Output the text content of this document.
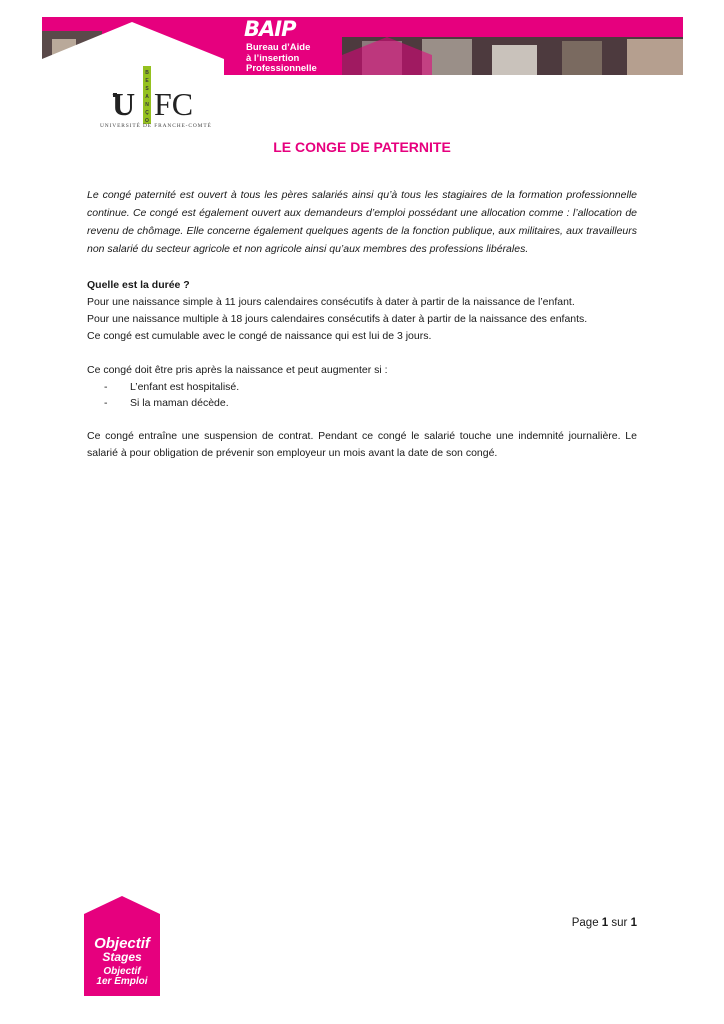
BAIP
Bureau d’Aide
à l’insertion
Professionnelle
U
B
E
S
A
N
Ç
O FC
UNIVERSITÉ DE FRANCHE-COMTÉ
LE CONGE DE PATERNITE

Le congé paternité est ouvert à tous les pères salariés ainsi qu’à tous les stagiaires de la formation professionnelle continue. Ce congé est également ouvert aux demandeurs d’emploi possédant une allocation comme : l’allocation de revenu de chômage. Elle concerne également quelques agents de la fonction publique, aux militaires, aux travailleurs non salarié du secteur agricole et non agricole ainsi qu’aux membres des professions libérales.

Quelle est la durée ?

Pour une naissance simple à 11 jours calendaires consécutifs à dater à partir de la naissance de l’enfant.

Pour une naissance multiple à 18 jours calendaires consécutifs à dater à partir de la naissance des enfants.

Ce congé est cumulable avec le congé de naissance qui est lui de 3 jours.

Ce congé doit être pris après la naissance et peut augmenter si :

- L’enfant est hospitalisé.
- Si la maman décède.

Ce congé entraîne une suspension de contrat. Pendant ce congé le salarié touche une indemnité journalière. Le salarié à pour obligation de prévenir son employeur un mois avant la date de son congé.

Objectif
Stages
Objectif
1er Emploi
Page 1 sur 1
